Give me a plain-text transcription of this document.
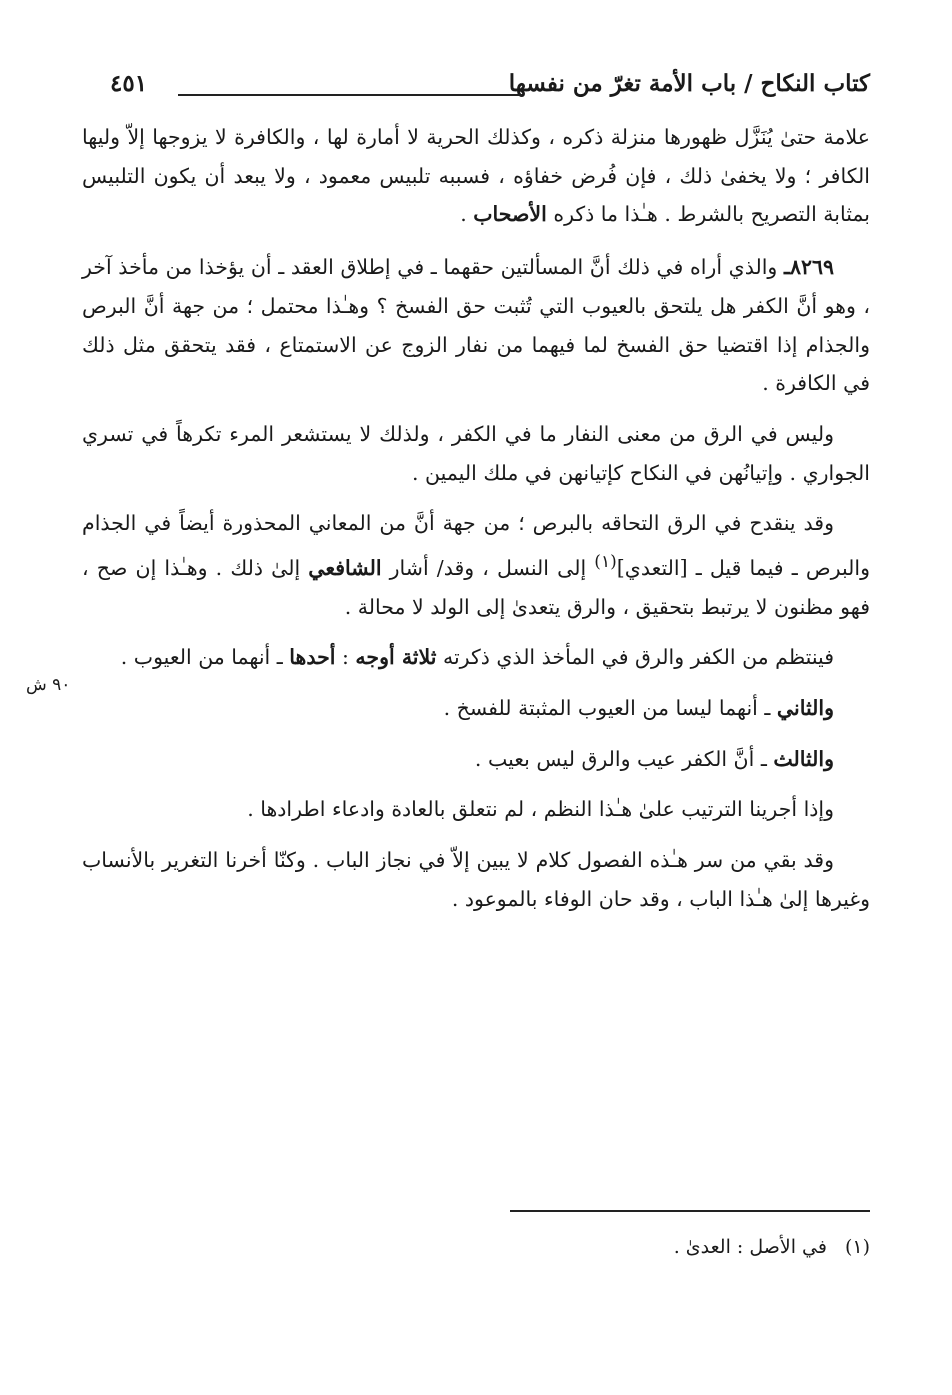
كتاب النكاح / باب الأمة تغرّ من نفسها
٤٥١

علامة حتىٰ يُنَزَّل ظهورها منزلة ذكره ، وكذلك الحرية لا أمارة لها ، والكافرة لا يزوجها إلاّ وليها الكافر ؛ ولا يخفىٰ ذلك ، فإن فُرض خفاؤه ، فسببه تلبيس معمود ، ولا يبعد أن يكون التلبيس بمثابة التصريح بالشرط . هـٰذا ما ذكره الأصحاب .

٨٢٦٩ـ والذي أراه في ذلك أنَّ المسألتين حقهما ـ في إطلاق العقد ـ أن يؤخذا من مأخذ آخر ، وهو أنَّ الكفر هل يلتحق بالعيوب التي تُثبت حق الفسخ ؟ وهـٰذا محتمل ؛ من جهة أنَّ البرص والجذام إذا اقتضيا حق الفسخ لما فيهما من نفار الزوج عن الاستمتاع ، فقد يتحقق مثل ذلك في الكافرة .

وليس في الرق من معنى النفار ما في الكفر ، ولذلك لا يستشعر المرء تكرهاً في تسري الجواري . وإتيانُهن في النكاح كإتيانهن في ملك اليمين .

وقد ينقدح في الرق التحاقه بالبرص ؛ من جهة أنَّ من المعاني المحذورة أيضاً في الجذام والبرص ـ فيما قيل ـ [التعدي]$^{(١)}$ إلى النسل ، وقد/ أشار الشافعي إلىٰ ذلك . وهـٰذا إن صح ، فهو مظنون لا يرتبط بتحقيق ، والرق يتعدىٰ إلى الولد لا محالة .

فينتظم من الكفر والرق في المأخذ الذي ذكرته ثلاثة أوجه : أحدها ـ أنهما من العيوب .

والثاني ـ أنهما ليسا من العيوب المثبتة للفسخ .

والثالث ـ أنَّ الكفر عيب والرق ليس بعيب .

وإذا أجرينا الترتيب علىٰ هـٰذا النظم ، لم نتعلق بالعادة وادعاء اطرادها .

وقد بقي من سر هـٰذه الفصول كلام لا يبين إلاّ في نجاز الباب . وكنّا أخرنا التغرير بالأنساب وغيرها إلىٰ هـٰذا الباب ، وقد حان الوفاء بالموعود .

٩٠ ش
(١)في الأصل : العدىٰ .
